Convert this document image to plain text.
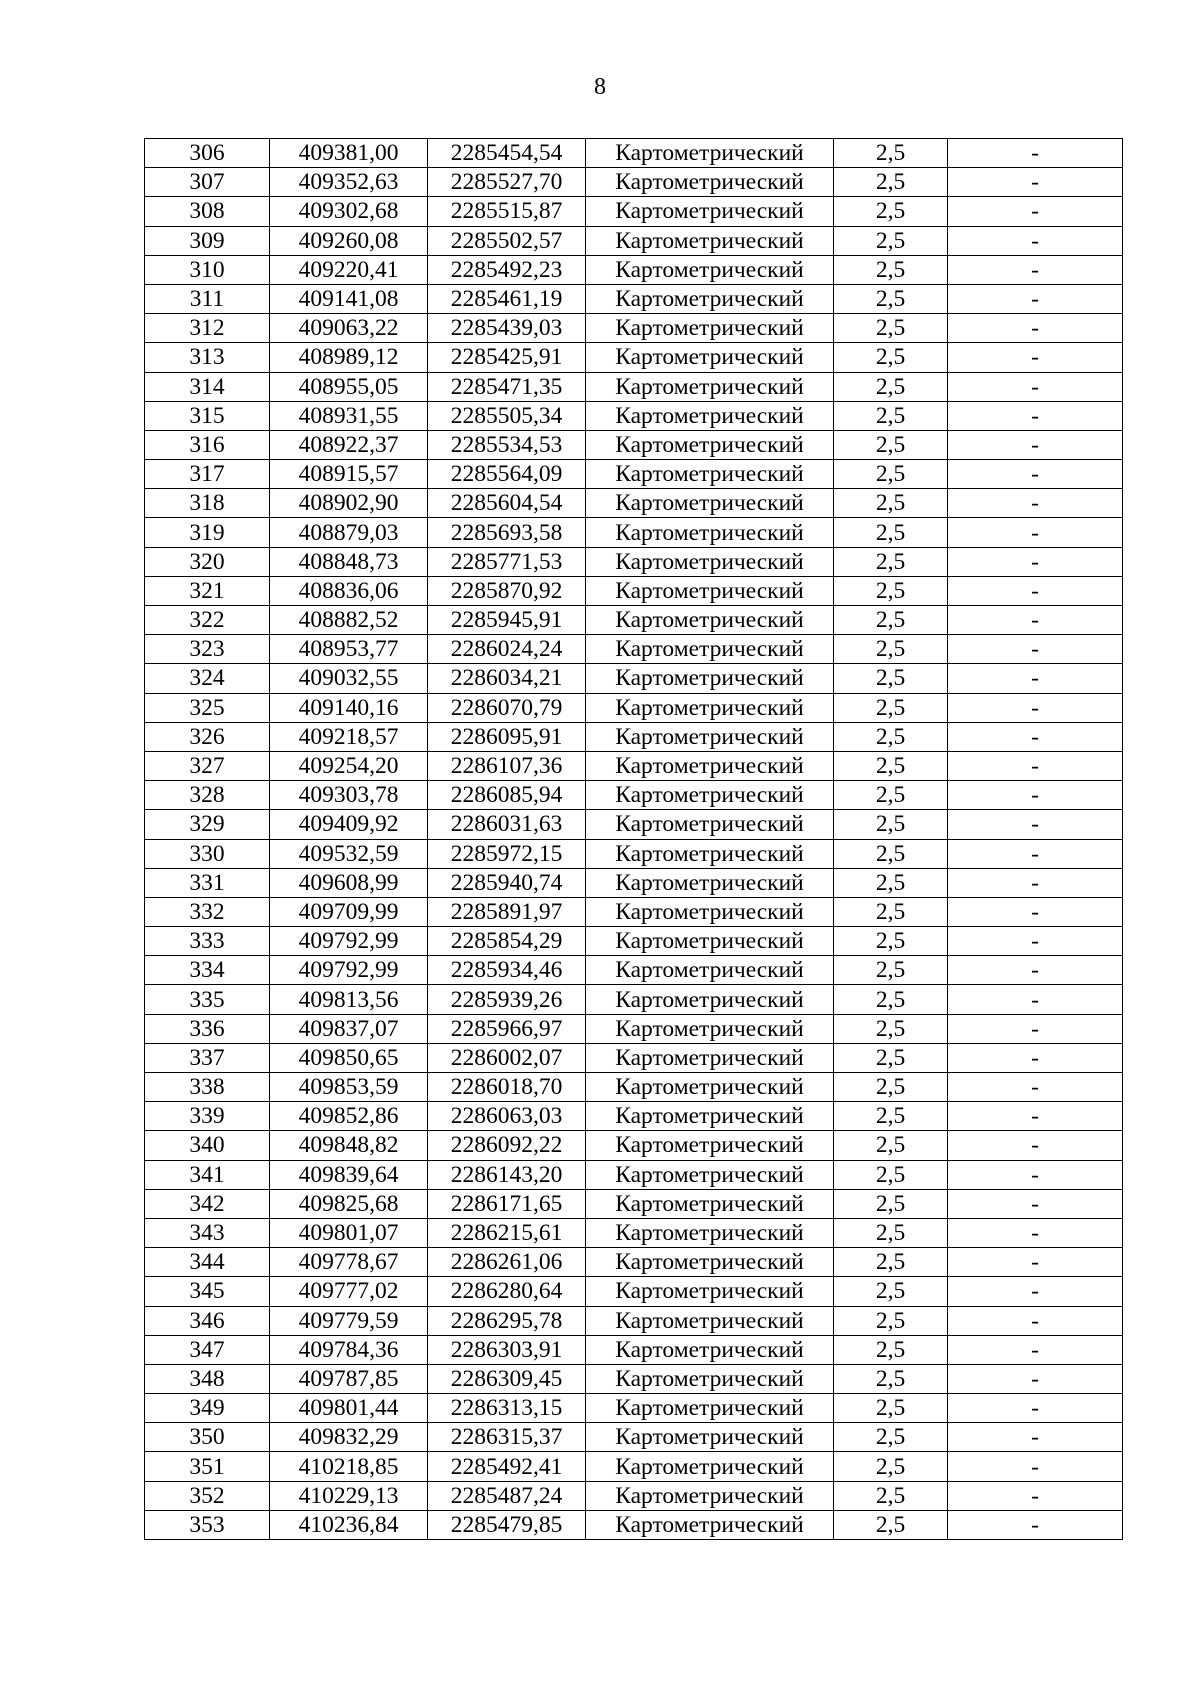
8
306	409381,00	2285454,54	Картометрический	2,5	-
307	409352,63	2285527,70	Картометрический	2,5	-
308	409302,68	2285515,87	Картометрический	2,5	-
309	409260,08	2285502,57	Картометрический	2,5	-
310	409220,41	2285492,23	Картометрический	2,5	-
311	409141,08	2285461,19	Картометрический	2,5	-
312	409063,22	2285439,03	Картометрический	2,5	-
313	408989,12	2285425,91	Картометрический	2,5	-
314	408955,05	2285471,35	Картометрический	2,5	-
315	408931,55	2285505,34	Картометрический	2,5	-
316	408922,37	2285534,53	Картометрический	2,5	-
317	408915,57	2285564,09	Картометрический	2,5	-
318	408902,90	2285604,54	Картометрический	2,5	-
319	408879,03	2285693,58	Картометрический	2,5	-
320	408848,73	2285771,53	Картометрический	2,5	-
321	408836,06	2285870,92	Картометрический	2,5	-
322	408882,52	2285945,91	Картометрический	2,5	-
323	408953,77	2286024,24	Картометрический	2,5	-
324	409032,55	2286034,21	Картометрический	2,5	-
325	409140,16	2286070,79	Картометрический	2,5	-
326	409218,57	2286095,91	Картометрический	2,5	-
327	409254,20	2286107,36	Картометрический	2,5	-
328	409303,78	2286085,94	Картометрический	2,5	-
329	409409,92	2286031,63	Картометрический	2,5	-
330	409532,59	2285972,15	Картометрический	2,5	-
331	409608,99	2285940,74	Картометрический	2,5	-
332	409709,99	2285891,97	Картометрический	2,5	-
333	409792,99	2285854,29	Картометрический	2,5	-
334	409792,99	2285934,46	Картометрический	2,5	-
335	409813,56	2285939,26	Картометрический	2,5	-
336	409837,07	2285966,97	Картометрический	2,5	-
337	409850,65	2286002,07	Картометрический	2,5	-
338	409853,59	2286018,70	Картометрический	2,5	-
339	409852,86	2286063,03	Картометрический	2,5	-
340	409848,82	2286092,22	Картометрический	2,5	-
341	409839,64	2286143,20	Картометрический	2,5	-
342	409825,68	2286171,65	Картометрический	2,5	-
343	409801,07	2286215,61	Картометрический	2,5	-
344	409778,67	2286261,06	Картометрический	2,5	-
345	409777,02	2286280,64	Картометрический	2,5	-
346	409779,59	2286295,78	Картометрический	2,5	-
347	409784,36	2286303,91	Картометрический	2,5	-
348	409787,85	2286309,45	Картометрический	2,5	-
349	409801,44	2286313,15	Картометрический	2,5	-
350	409832,29	2286315,37	Картометрический	2,5	-
351	410218,85	2285492,41	Картометрический	2,5	-
352	410229,13	2285487,24	Картометрический	2,5	-
353	410236,84	2285479,85	Картометрический	2,5	-
